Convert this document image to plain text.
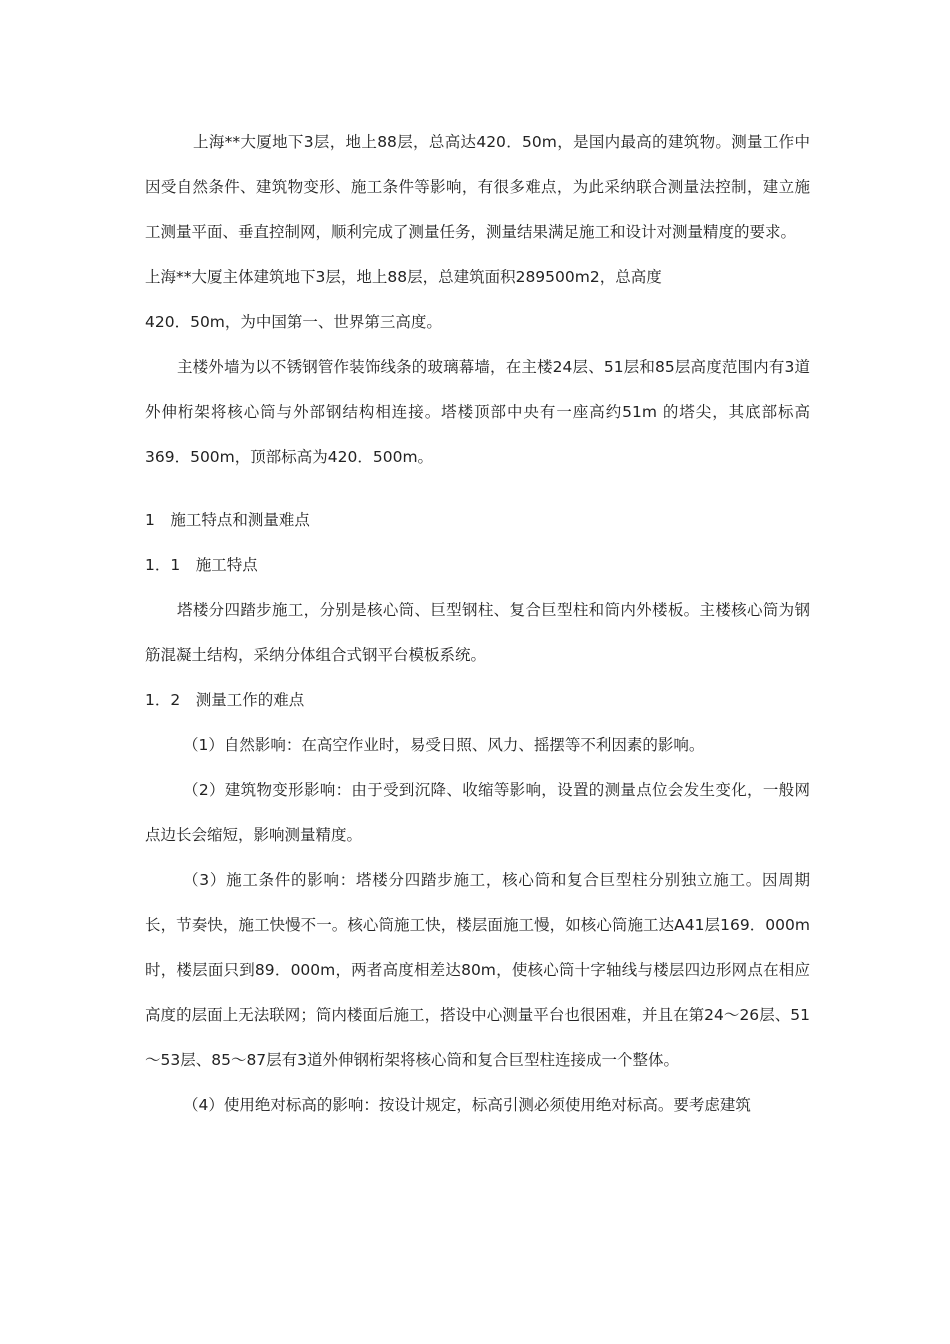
上海**大厦地下3层，地上88层，总高达420．50m，是国内最高的建筑物。测量工作中因受自然条件、建筑物变形、施工条件等影响，有很多难点，为此采纳联合测量法控制，建立施工测量平面、垂直控制网，顺利完成了测量任务，测量结果满足施工和设计对测量精度的要求。

上海**大厦主体建筑地下3层，地上88层，总建筑面积289500m2，总高度

420．50m，为中国第一、世界第三高度。

主楼外墙为以不锈钢管作装饰线条的玻璃幕墙，在主楼24层、51层和85层高度范围内有3道外伸桁架将核心筒与外部钢结构相连接。塔楼顶部中央有一座高约51m 的塔尖，其底部标高369．500m，顶部标高为420．500m。

1　施工特点和测量难点

1．1　施工特点

塔楼分四踏步施工，分别是核心筒、巨型钢柱、复合巨型柱和筒内外楼板。主楼核心筒为钢筋混凝土结构，采纳分体组合式钢平台模板系统。

1．2　测量工作的难点

（1）自然影响：在高空作业时，易受日照、风力、摇摆等不利因素的影响。

（2）建筑物变形影响：由于受到沉降、收缩等影响，设置的测量点位会发生变化，一般网点边长会缩短，影响测量精度。

（3）施工条件的影响：塔楼分四踏步施工，核心筒和复合巨型柱分别独立施工。因周期长，节奏快，施工快慢不一。核心筒施工快，楼层面施工慢，如核心筒施工达A41层169．000m时，楼层面只到89．000m，两者高度相差达80m，使核心筒十字轴线与楼层四边形网点在相应高度的层面上无法联网；筒内楼面后施工，搭设中心测量平台也很困难，并且在第24～26层、51～53层、85～87层有3道外伸钢桁架将核心筒和复合巨型柱连接成一个整体。

（4）使用绝对标高的影响：按设计规定，标高引测必须使用绝对标高。要考虑建筑
